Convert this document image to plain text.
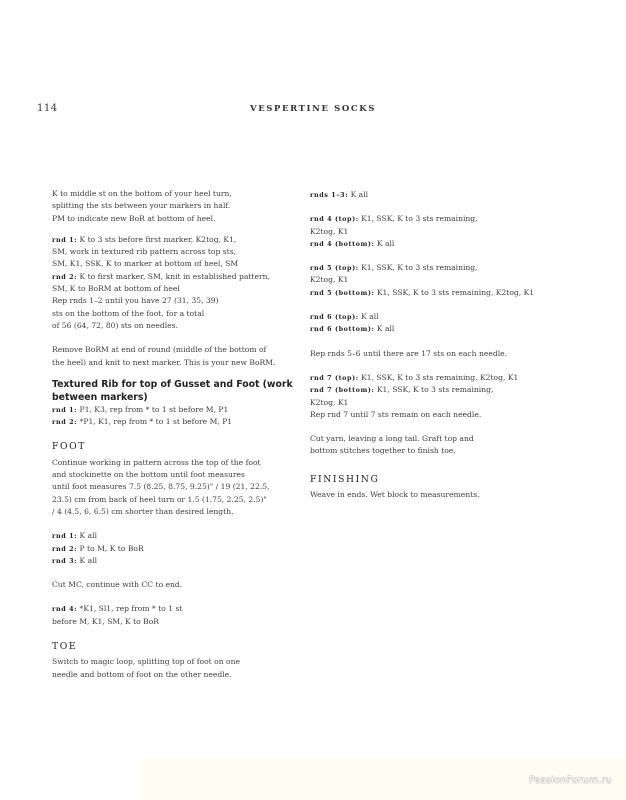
114	VESPERTINE SOCKS
K to middle st on the bottom of your heel turn,
splitting the sts between your markers in half.
PM to indicate new BoR at bottom of heel.
rnd 1: K to 3 sts before first marker, K2tog, K1,
SM, work in textured rib pattern across top sts,
SM, K1, SSK, K to marker at bottom of heel, SM
rnd 2: K to first marker, SM, knit in established pattern,
SM, K to BoRM at bottom of heel
Rep rnds 1–2 until you have 27 (31, 35, 39)
sts on the bottom of the foot, for a total
of 56 (64, 72, 80) sts on needles.
Remove BoRM at end of round (middle of the bottom of
the heel) and knit to next marker. This is your new BoRM.
Textured Rib for top of Gusset and Foot (work
between markers)
rnd 1: P1, K3, rep from * to 1 st before M, P1
rnd 2: *P1, K1, rep from * to 1 st before M, P1
FOOT
Continue working in pattern across the top of the foot
and stockinette on the bottom until foot measures
until foot measures 7.5 (8.25, 8.75, 9.25)" / 19 (21, 22.5,
23.5) cm from back of heel turn or 1.5 (1.75, 2.25, 2.5)"
/ 4 (4.5, 6, 6.5) cm shorter than desired length.
rnd 1: K all
rnd 2: P to M, K to BoR
rnd 3: K all
Cut MC, continue with CC to end.
rnd 4: *K1, Sl1, rep from * to 1 st
before M, K1, SM, K to BoR
TOE
Switch to magic loop, splitting top of foot on one
needle and bottom of foot on the other needle.
rnds 1–3: K all
rnd 4 (top): K1, SSK, K to 3 sts remaining,
K2tog, K1
rnd 4 (bottom): K all
rnd 5 (top): K1, SSK, K to 3 sts remaining,
K2tog, K1
rnd 5 (bottom): K1, SSK, K to 3 sts remaining, K2tog, K1
rnd 6 (top): K all
rnd 6 (bottom): K all
Rep rnds 5–6 until there are 17 sts on each needle.
rnd 7 (top): K1, SSK, K to 3 sts remaining, K2tog, K1
rnd 7 (bottom): K1, SSK, K to 3 sts remaining,
K2tog, K1
Rep rnd 7 until 7 sts remain on each needle.
Cut yarn, leaving a long tail. Graft top and
bottom stitches together to finish toe.
FINISHING
Weave in ends. Wet block to measurements.
PassionForum.ru
